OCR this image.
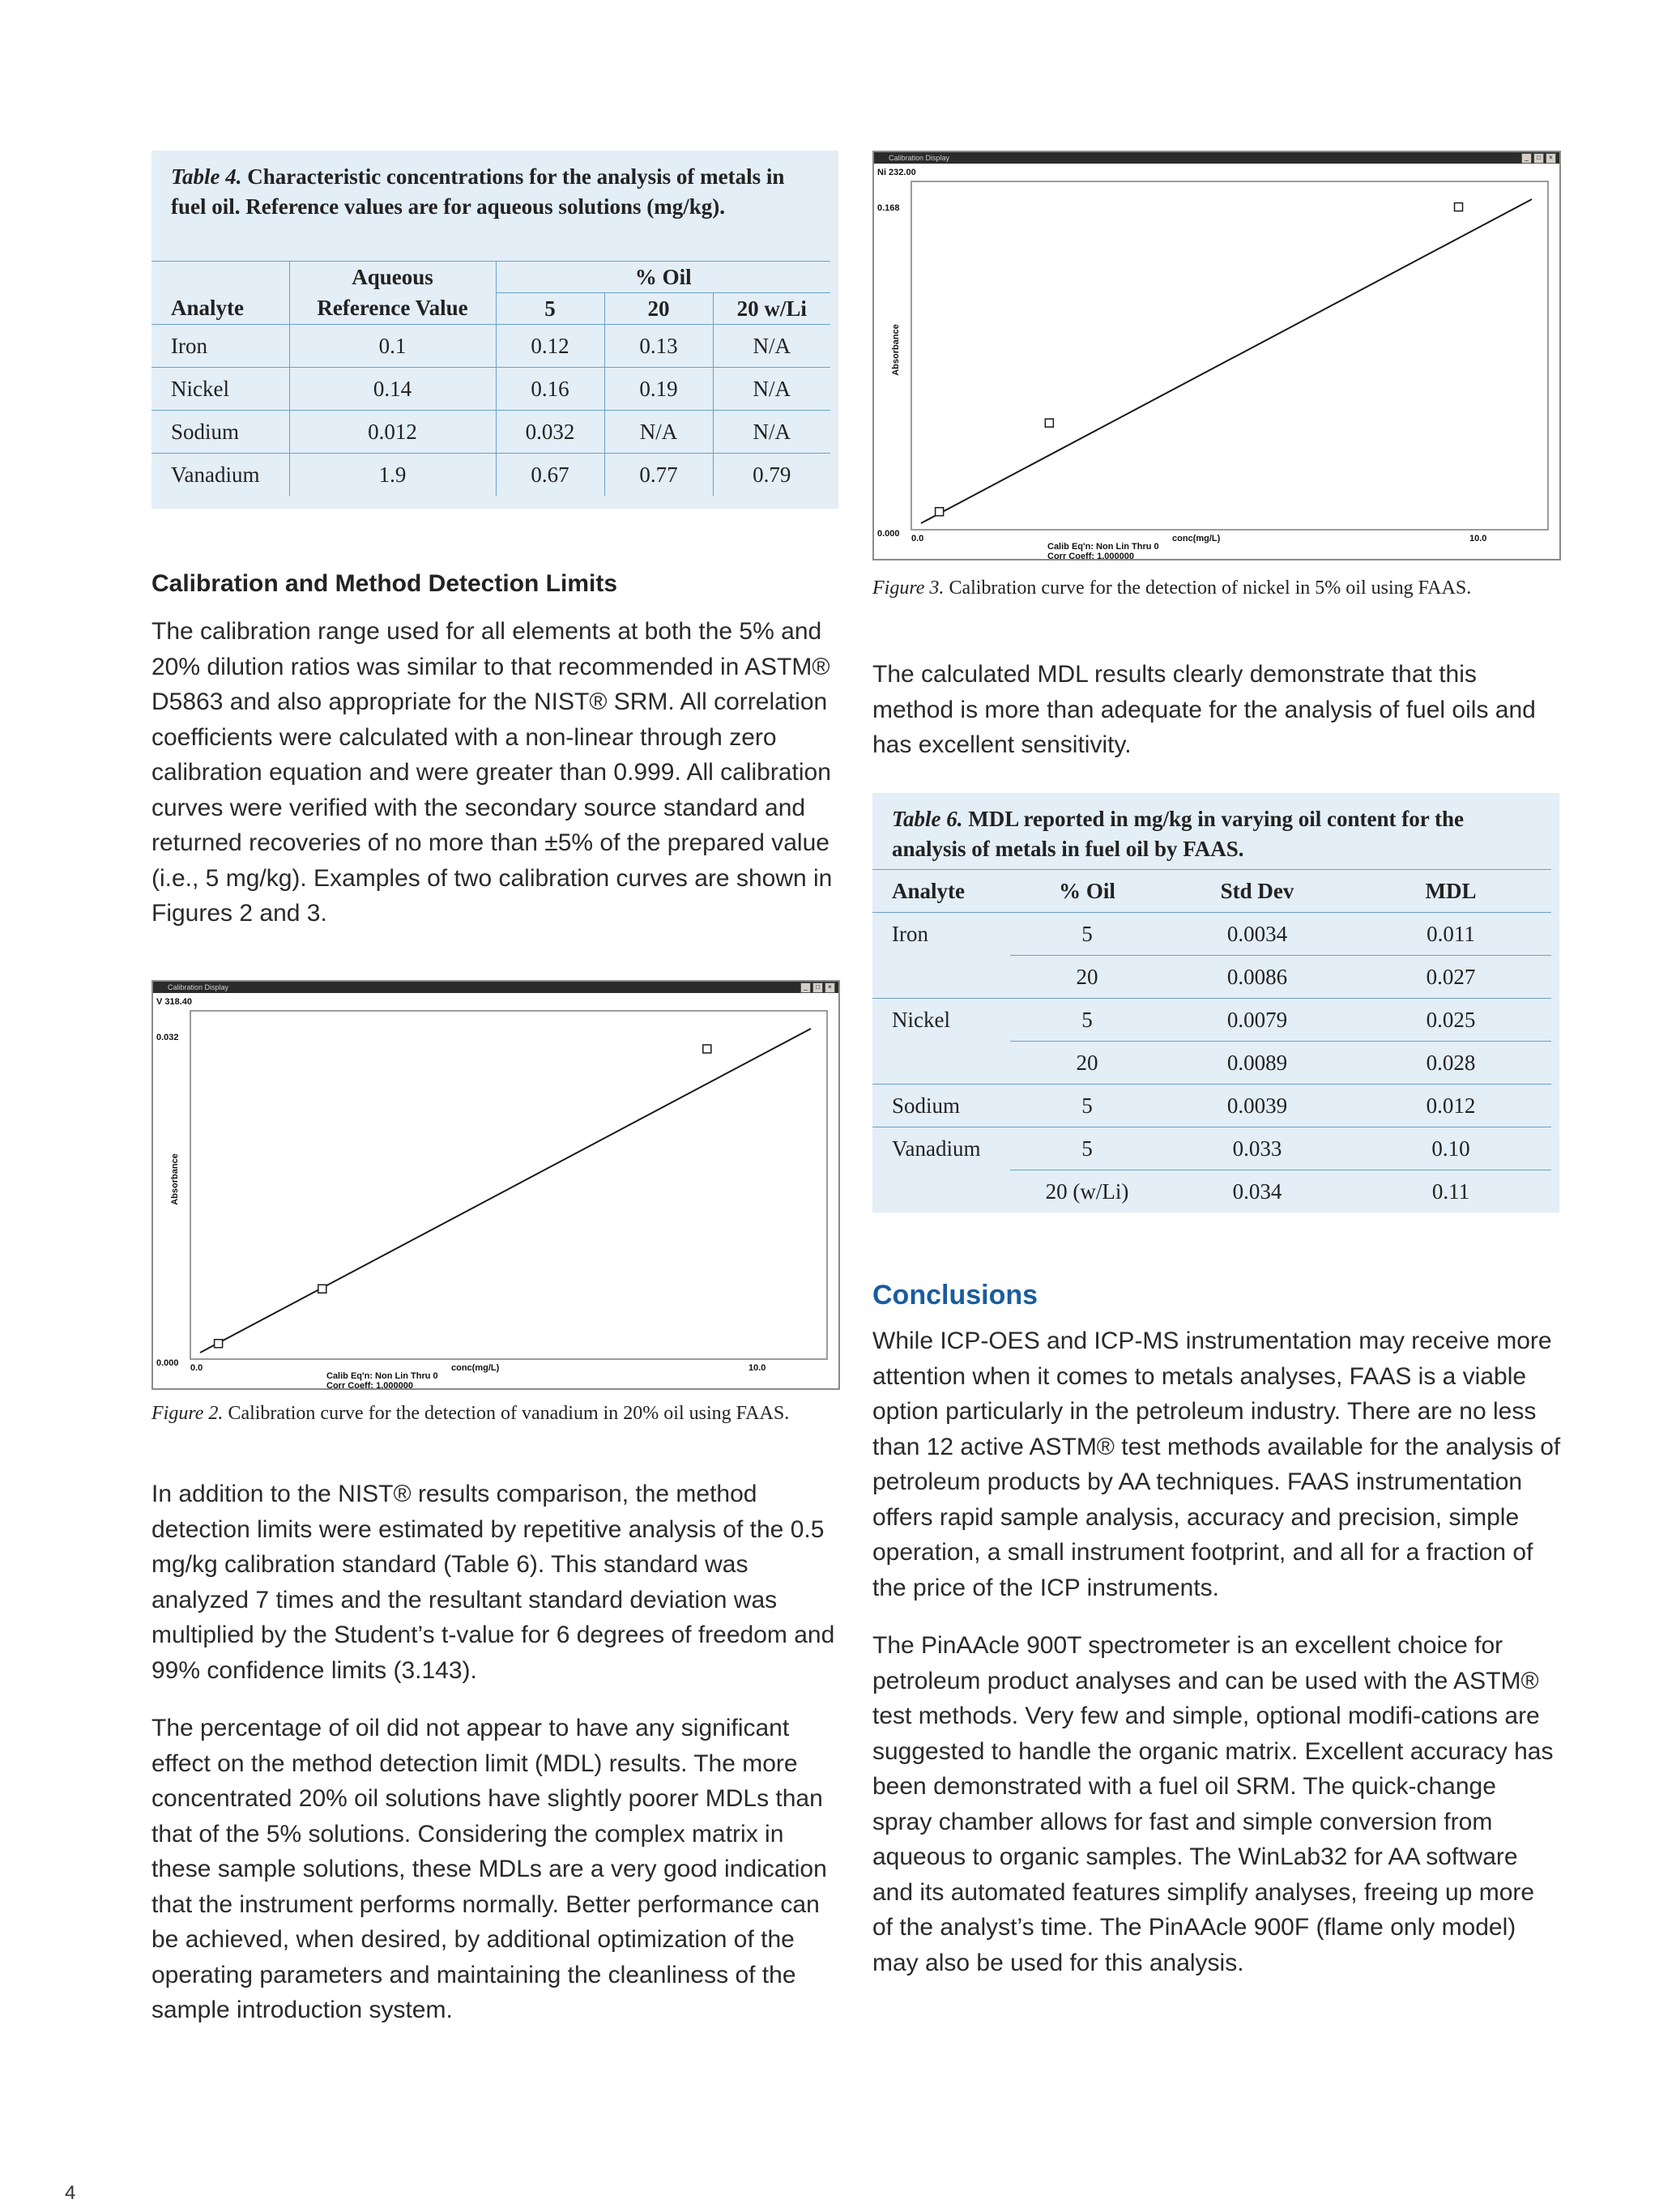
Table 4. Characteristic concentrations for the analysis of metals in fuel oil. Reference values are for aqueous solutions (mg/kg).
	Aqueous	% Oil		
Analyte	Reference Value	5	20	20 w/Li
Iron	0.1	0.12	0.13	N/A
Nickel	0.14	0.16	0.19	N/A
Sodium	0.012	0.032	N/A	N/A
Vanadium	1.9	0.67	0.77	0.79
Calibration and Method Detection Limits

The calibration range used for all elements at both the 5% and 20% dilution ratios was similar to that recommended in ASTM® D5863 and also appropriate for the NIST® SRM. All correlation coefficients were calculated with a non-linear through zero calibration equation and were greater than 0.999. All calibration curves were verified with the secondary source standard and returned recoveries of no more than ±5% of the prepared value (i.e., 5 mg/kg). Examples of two calibration curves are shown in Figures 2 and 3.

Calibration Display	_	□	×
V 318.40
0.032
0.000
Absorbance
0.0	conc(mg/L)	10.0
Calib Eq'n: Non Lin Thru 0
Corr Coeff: 1.000000
Figure 2. Calibration curve for the detection of vanadium in 20% oil using FAAS.

In addition to the NIST® results comparison, the method detection limits were estimated by repetitive analysis of the 0.5 mg/kg calibration standard (Table 6). This standard was analyzed 7 times and the resultant standard deviation was multiplied by the Student’s t-value for 6 degrees of freedom and 99% confidence limits (3.143).

The percentage of oil did not appear to have any significant effect on the method detection limit (MDL) results. The more concentrated 20% oil solutions have slightly poorer MDLs than that of the 5% solutions. Considering the complex matrix in these sample solutions, these MDLs are a very good indication that the instrument performs normally. Better performance can be achieved, when desired, by additional optimization of the operating parameters and maintaining the cleanliness of the sample introduction system.

Calibration Display	_	□	×
Ni 232.00
0.168
0.000
Absorbance
0.0	conc(mg/L)	10.0
Calib Eq'n: Non Lin Thru 0
Corr Coeff: 1.000000
Figure 3. Calibration curve for the detection of nickel in 5% oil using FAAS.

The calculated MDL results clearly demonstrate that this method is more than adequate for the analysis of fuel oils and has excellent sensitivity.

Table 6. MDL reported in mg/kg in varying oil content for the analysis of metals in fuel oil by FAAS.
Analyte	% Oil	Std Dev	MDL
Iron	5	0.0034	0.011
	20	0.0086	0.027
Nickel	5	0.0079	0.025
	20	0.0089	0.028
Sodium	5	0.0039	0.012
Vanadium	5	0.033	0.10
	20 (w/Li)	0.034	0.11
Conclusions

While ICP-OES and ICP-MS instrumentation may receive more attention when it comes to metals analyses, FAAS is a viable option particularly in the petroleum industry. There are no less than 12 active ASTM® test methods available for the analysis of petroleum products by AA techniques. FAAS instrumentation offers rapid sample analysis, accuracy and precision, simple operation, a small instrument footprint, and all for a fraction of the price of the ICP instruments.

The PinAAcle 900T spectrometer is an excellent choice for petroleum product analyses and can be used with the ASTM® test methods. Very few and simple, optional modifi-cations are suggested to handle the organic matrix. Excellent accuracy has been demonstrated with a fuel oil SRM. The quick-change spray chamber allows for fast and simple conversion from aqueous to organic samples. The WinLab32 for AA software and its automated features simplify analyses, freeing up more of the analyst’s time. The PinAAcle 900F (flame only model) may also be used for this analysis.

4
